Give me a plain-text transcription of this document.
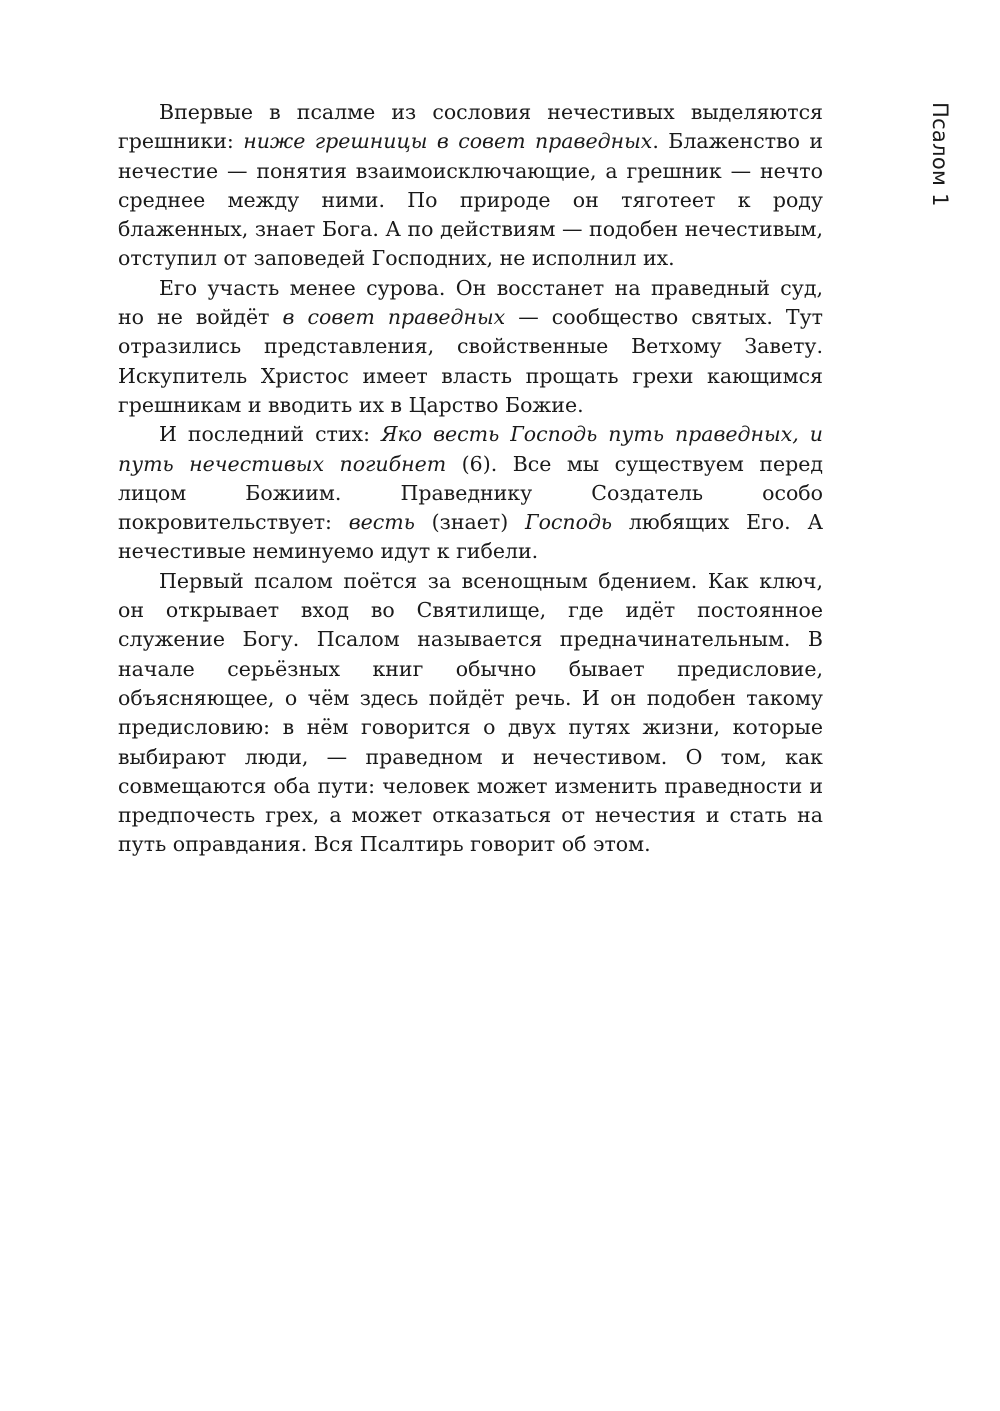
Псалом 1

Впервые в псалме из сословия нечестивых выделяются грешники: ниже грешницы в совет праведных. Блаженство и нечестие — понятия взаимоисключающие, а грешник — нечто среднее между ними. По природе он тяготеет к роду блаженных, знает Бога. А по действиям — подобен нечестивым, отступил от заповедей Господних, не исполнил их.

Его участь менее сурова. Он восстанет на праведный суд, но не войдёт в совет праведных — сообщество святых. Тут отразились представления, свойственные Ветхому Завету. Искупитель Христос имеет власть прощать грехи кающимся грешникам и вводить их в Царство Божие.

И последний стих: Яко весть Господь путь праведных, и путь нечестивых погибнет (6). Все мы существуем перед лицом Божиим. Праведнику Создатель особо покровительствует: весть (знает) Господь любящих Его. А нечестивые неминуемо идут к гибели.

Первый псалом поётся за всенощным бдением. Как ключ, он открывает вход во Святилище, где идёт постоянное служение Богу. Псалом называется предначинательным. В начале серьёзных книг обычно бывает предисловие, объясняющее, о чём здесь пойдёт речь. И он подобен такому предисловию: в нём говорится о двух путях жизни, которые выбирают люди, — праведном и нечестивом. О том, как совмещаются оба пути: человек может изменить праведности и предпочесть грех, а может отказаться от нечестия и стать на путь оправдания. Вся Псалтирь говорит об этом.
